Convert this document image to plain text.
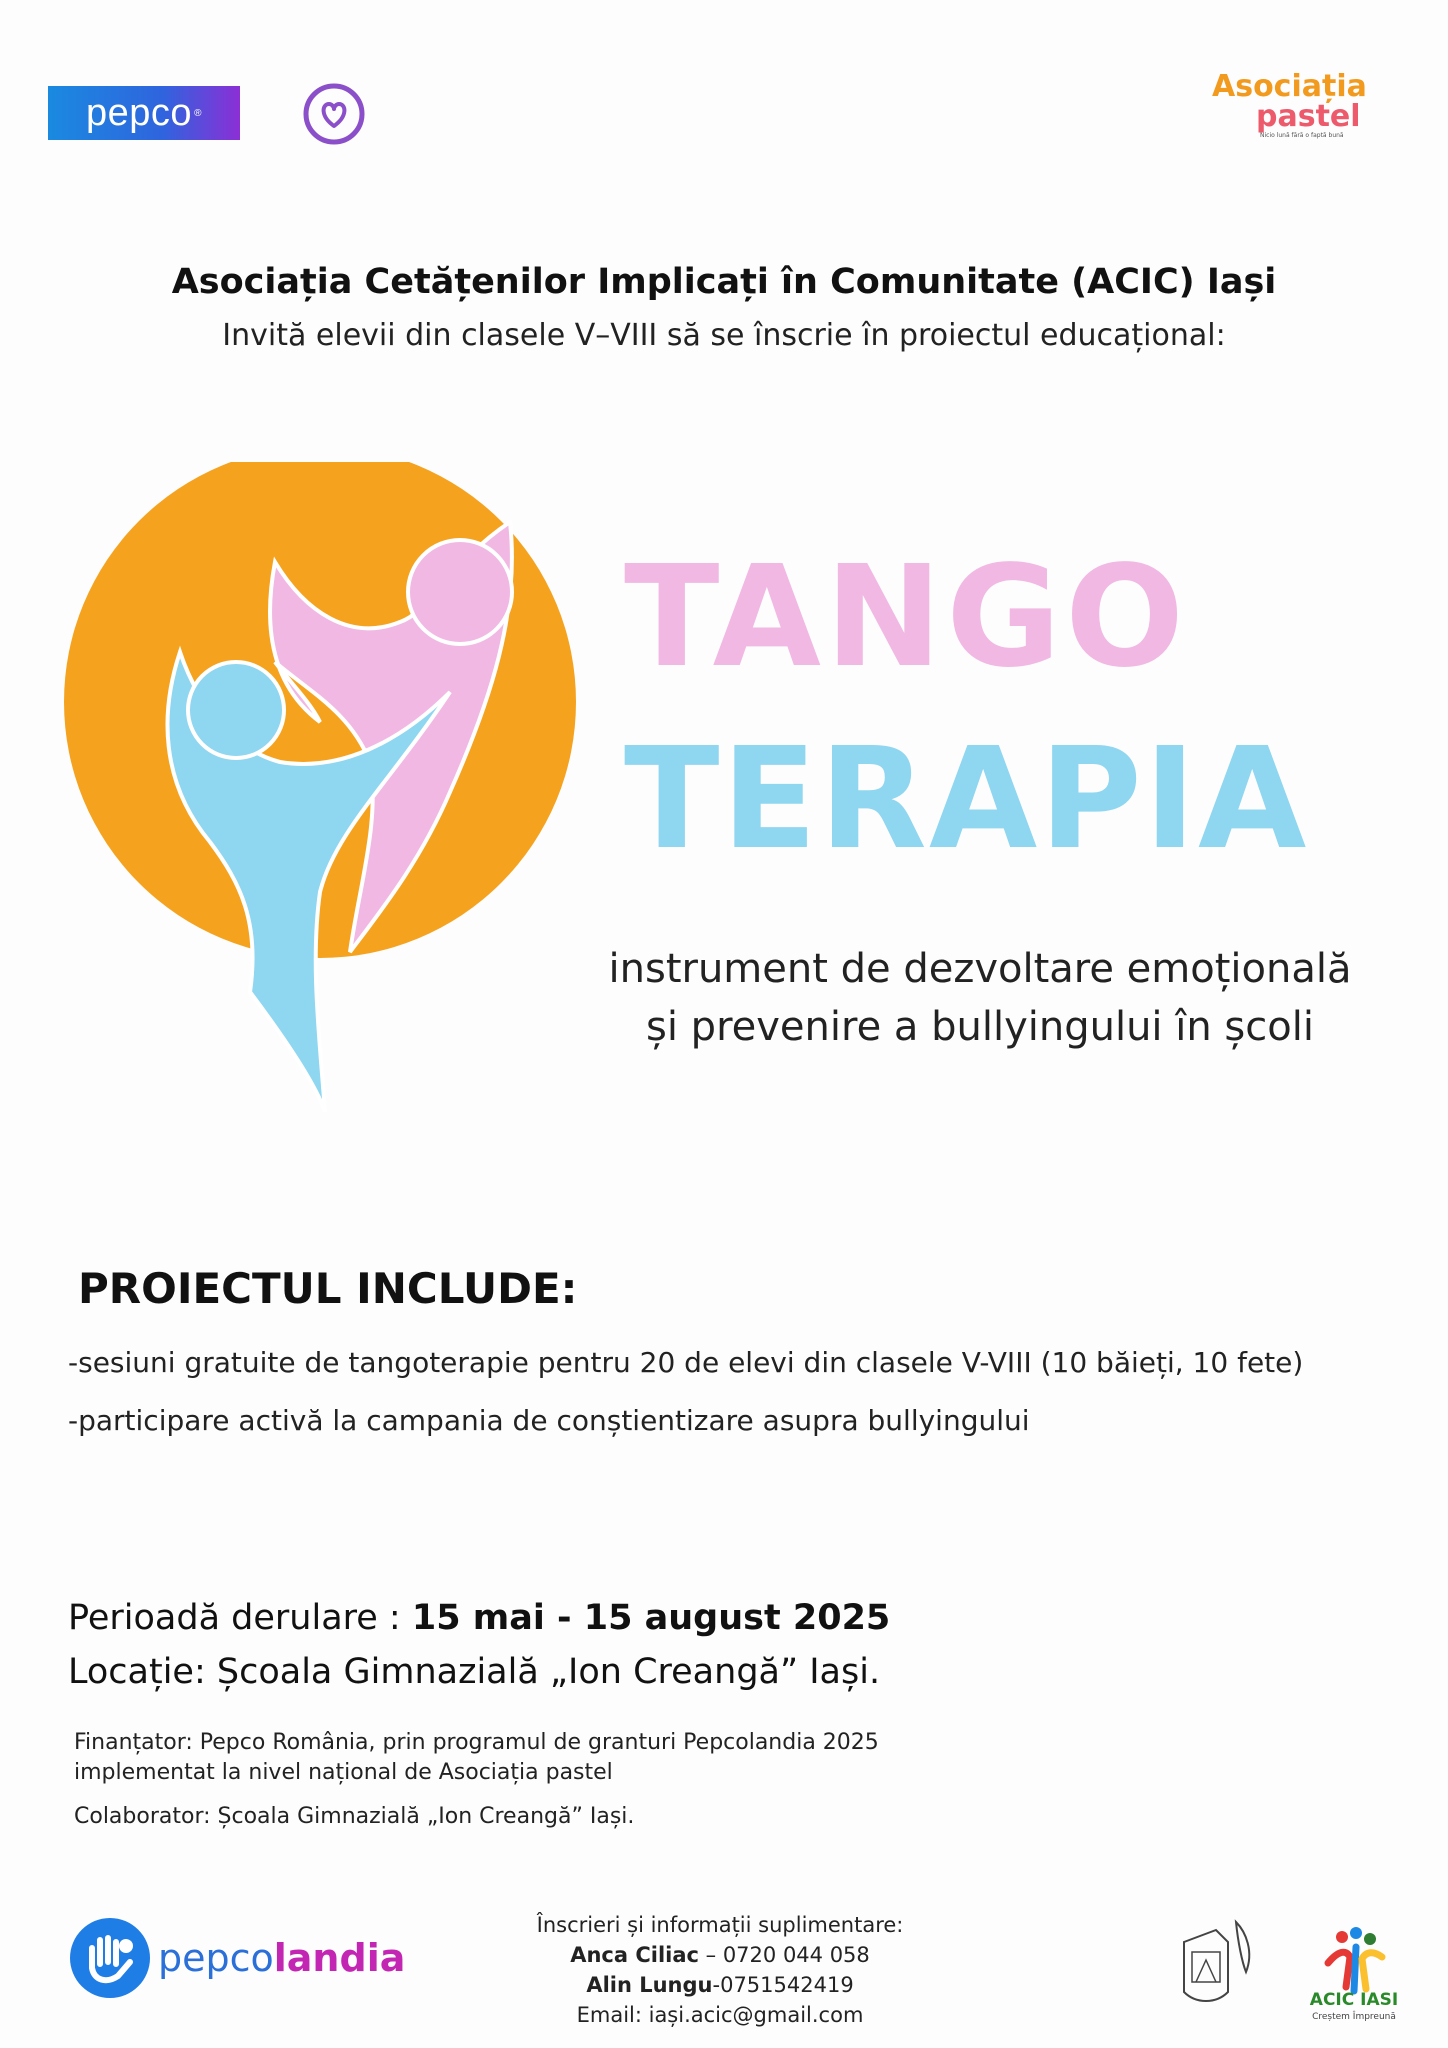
pepco ®
Asociația
pastel
Nicio lună fără o faptă bună
Asociația Cetățenilor Implicați în Comunitate (ACIC) Iași
Invită elevii din clasele V–VIII să se înscrie în proiectul educațional:
TANGO
TERAPIA
instrument de dezvoltare emoțională
și prevenire a bullyingului în școli
PROIECTUL INCLUDE:
-sesiuni gratuite de tangoterapie pentru 20 de elevi din clasele V-VIII (10 băieți, 10 fete)
-participare activă la campania de conștientizare asupra bullyingului
Perioadă derulare : 15 mai - 15 august 2025
Locație: Școala Gimnazială „Ion Creangă” Iași.
Finanțator: Pepco România, prin programul de granturi Pepcolandia 2025
implementat la nivel național de Asociația pastel
Colaborator: Școala Gimnazială „Ion Creangă” Iași.
pepcolandia
Înscrieri și informații suplimentare:
Anca Ciliac – 0720 044 058
Alin Lungu-0751542419
Email: iași.acic@gmail.com
ACIC IASI
Creștem Împreună
